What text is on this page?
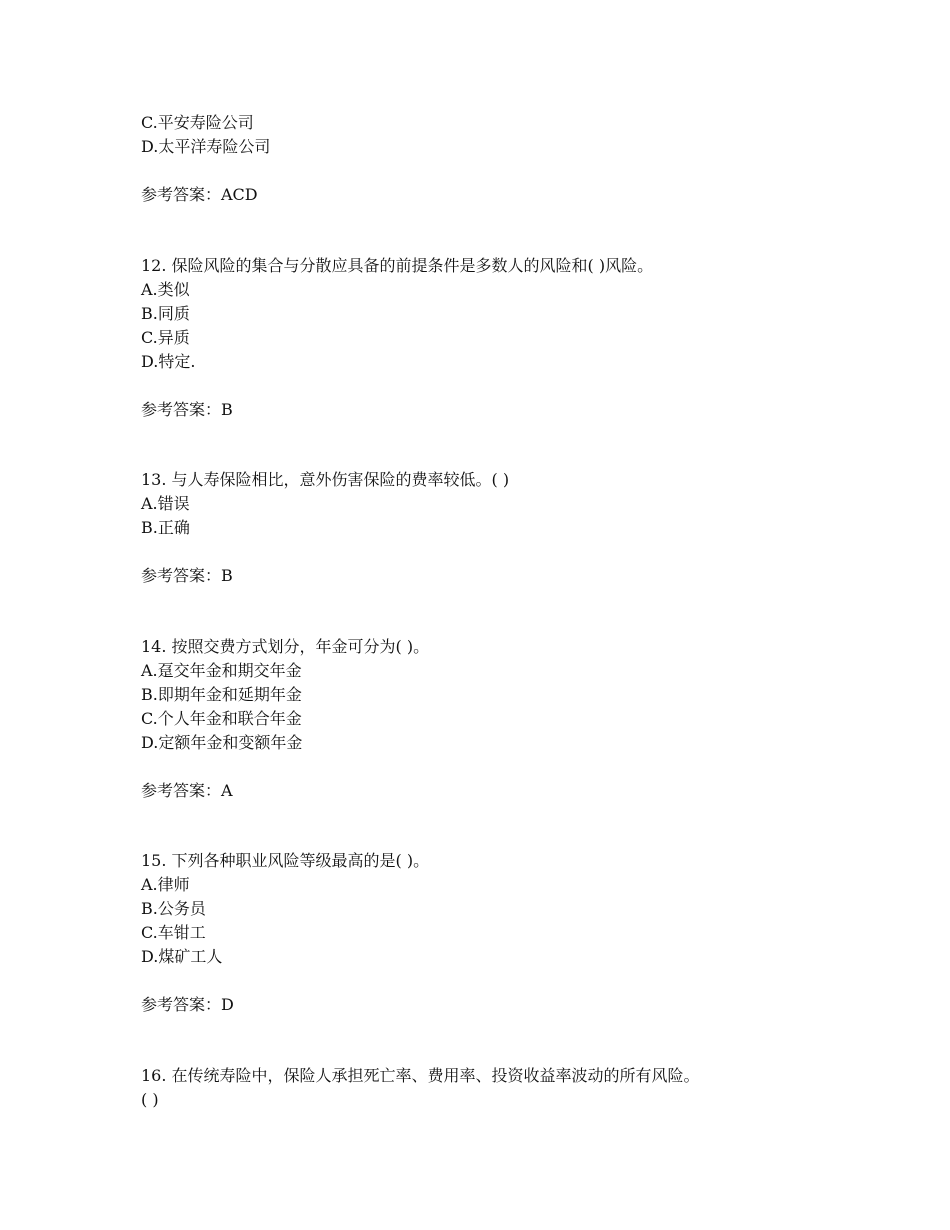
C.平安寿险公司
D.太平洋寿险公司
参考答案：ACD
12. 保险风险的集合与分散应具备的前提条件是多数人的风险和( )风险。
A.类似
B.同质
C.异质
D.特定.
参考答案：B
13. 与人寿保险相比，意外伤害保险的费率较低。( )
A.错误
B.正确
参考答案：B
14. 按照交费方式划分，年金可分为( )。
A.趸交年金和期交年金
B.即期年金和延期年金
C.个人年金和联合年金
D.定额年金和变额年金
参考答案：A
15. 下列各种职业风险等级最高的是( )。
A.律师
B.公务员
C.车钳工
D.煤矿工人
参考答案：D
16. 在传统寿险中，保险人承担死亡率、费用率、投资收益率波动的所有风险。
( )
